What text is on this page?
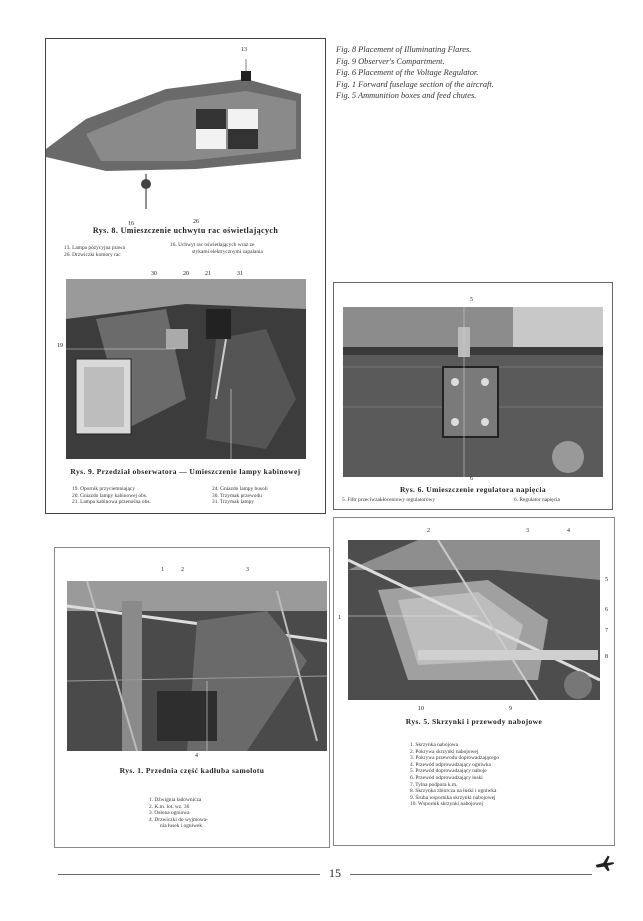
Fig. 8 Placement of Illuminating Flares.
Fig. 9 Observer's Compartment.
Fig. 6 Placement of the Voltage Regulator.
Fig. 1 Forward fuselage section of the aircraft.
Fig. 5 Ammunition boxes and feed chutes.
13
16	26
Rys. 8. Umieszczenie uchwytu rac oświetlających
13. Lampa pozycyjna prawa
26. Drzwiczki komory rac
16. Uchwyt rac oświetlających wraz ze
stykami elektrycznymi zapalania
30	20	21	31
19
Rys. 9. Przedział obserwatora — Umieszczenie lampy kabinowej
19. Opornik przyciemniający
20. Gniazdo lampy kabinowej obs.
21. Lampa kabinowa przenośna obs.
24. Gniazdo lampy busoli
30. Trzymak przewodu
31. Trzymak lampy
5
6
Rys. 6. Umieszczenie regulatora napięcia
5. Filtr przeciwzakłóceniowy regulatorowy	6. Regulator napięcia
1	2	3
4
Rys. 1. Przednia część kadłuba samolotu
1. Dźwignia ładownicza
2. K.m. lot. wz. 36
3. Osłona ogniowa
4. Drzwiczki do wyjmowa-
nia łusek i ogniwek
2	3	4
5
6
7
8
1
10	9
Rys. 5. Skrzynki i przewody nabojowe
1. Skrzynka nabojowa
2. Pokrywa skrzynki nabojowej
3. Pokrywa przewodu doprowadzającego
4. Przewód odprowadzający ogniwka
5. Przewód doprowadzający naboje
6. Przewód odprowadzający łuski
7. Tylna podpora k.m.
8. Skrzynka zbiorcza na łuski i ogniwka
9. Śruba wspornika skrzynki nabojowej
10. Wspornik skrzynki nabojowej
15
